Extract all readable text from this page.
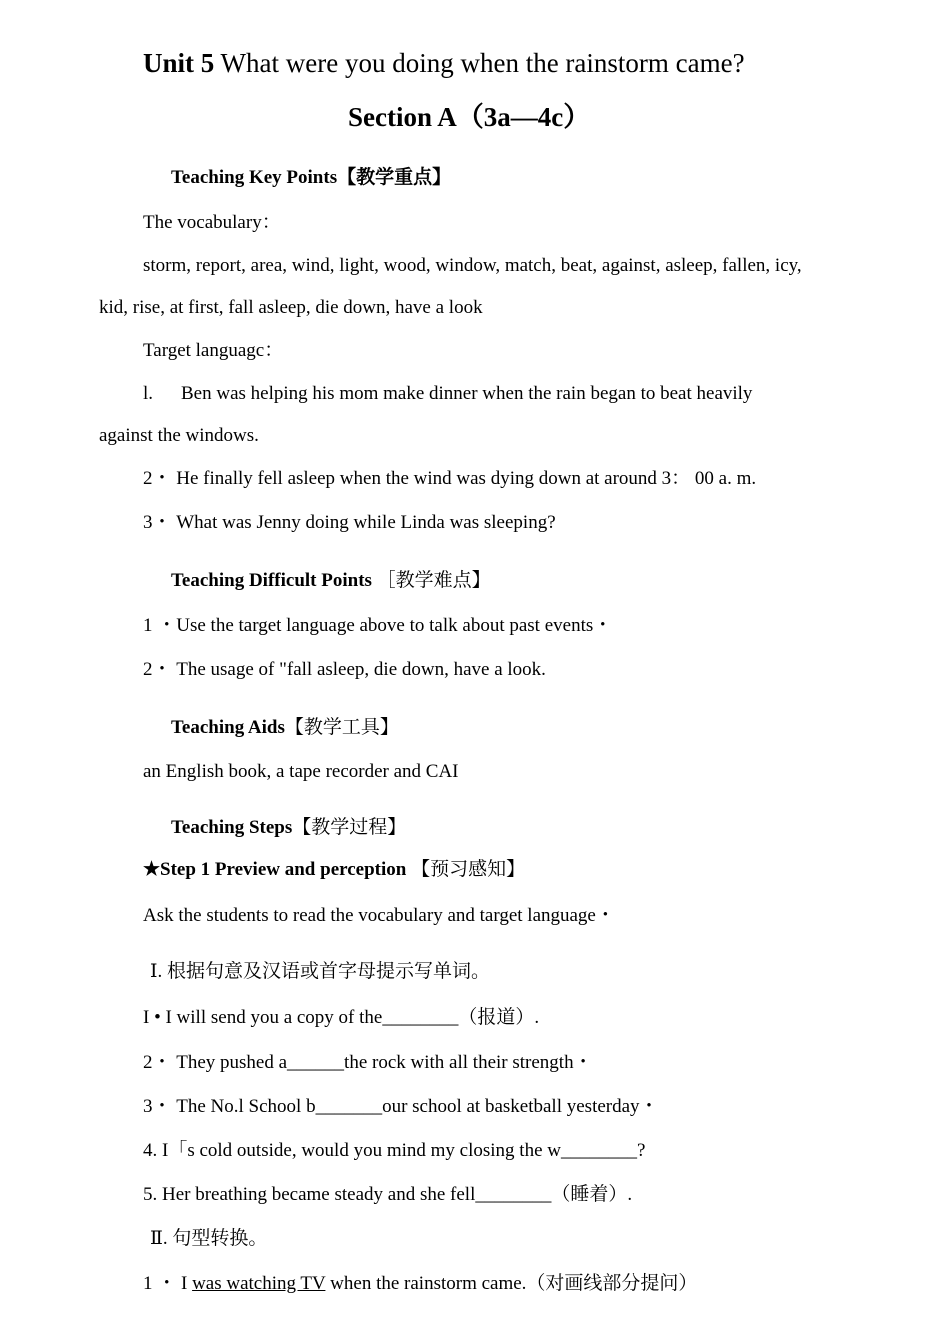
Unit 5 What were you doing when the rainstorm came?
Section A（3a—4c）
Teaching Key Points【教学重点】
The vocabulary：
storm, report, area, wind, light, wood, window, match, beat, against, asleep, fallen, icy,
kid, rise, at first, fall asleep, die down, have a look
Target languagc：
l. Ben was helping his mom make dinner when the rain began to beat heavily
against the windows.
2・ He finally fell asleep when the wind was dying down at around 3： 00 a. m.
3・ What was Jenny doing while Linda was sleeping?
Teaching Difficult Points ［教学难点】
1 ・Use the target language above to talk about past events・
2・ The usage of "fall asleep, die down, have a look.
Teaching Aids【教学工具】
an English book, a tape recorder and CAI
Teaching Steps【教学过程】
★Step 1 Preview and perception 【预习感知】
Ask the students to read the vocabulary and target language・
Ⅰ. 根据句意及汉语或首字母提示写单词。
I • I will send you a copy of the________（报道）.
2・ They pushed a______the rock with all their strength・
3・ The No.l School b_______our school at basketball yesterday・
4. I「s cold outside, would you mind my closing the w________?
5. Her breathing became steady and she fell________（睡着）.
Ⅱ. 句型转换。
1 ・ I was watching TV when the rainstorm came.（对画线部分提问）
